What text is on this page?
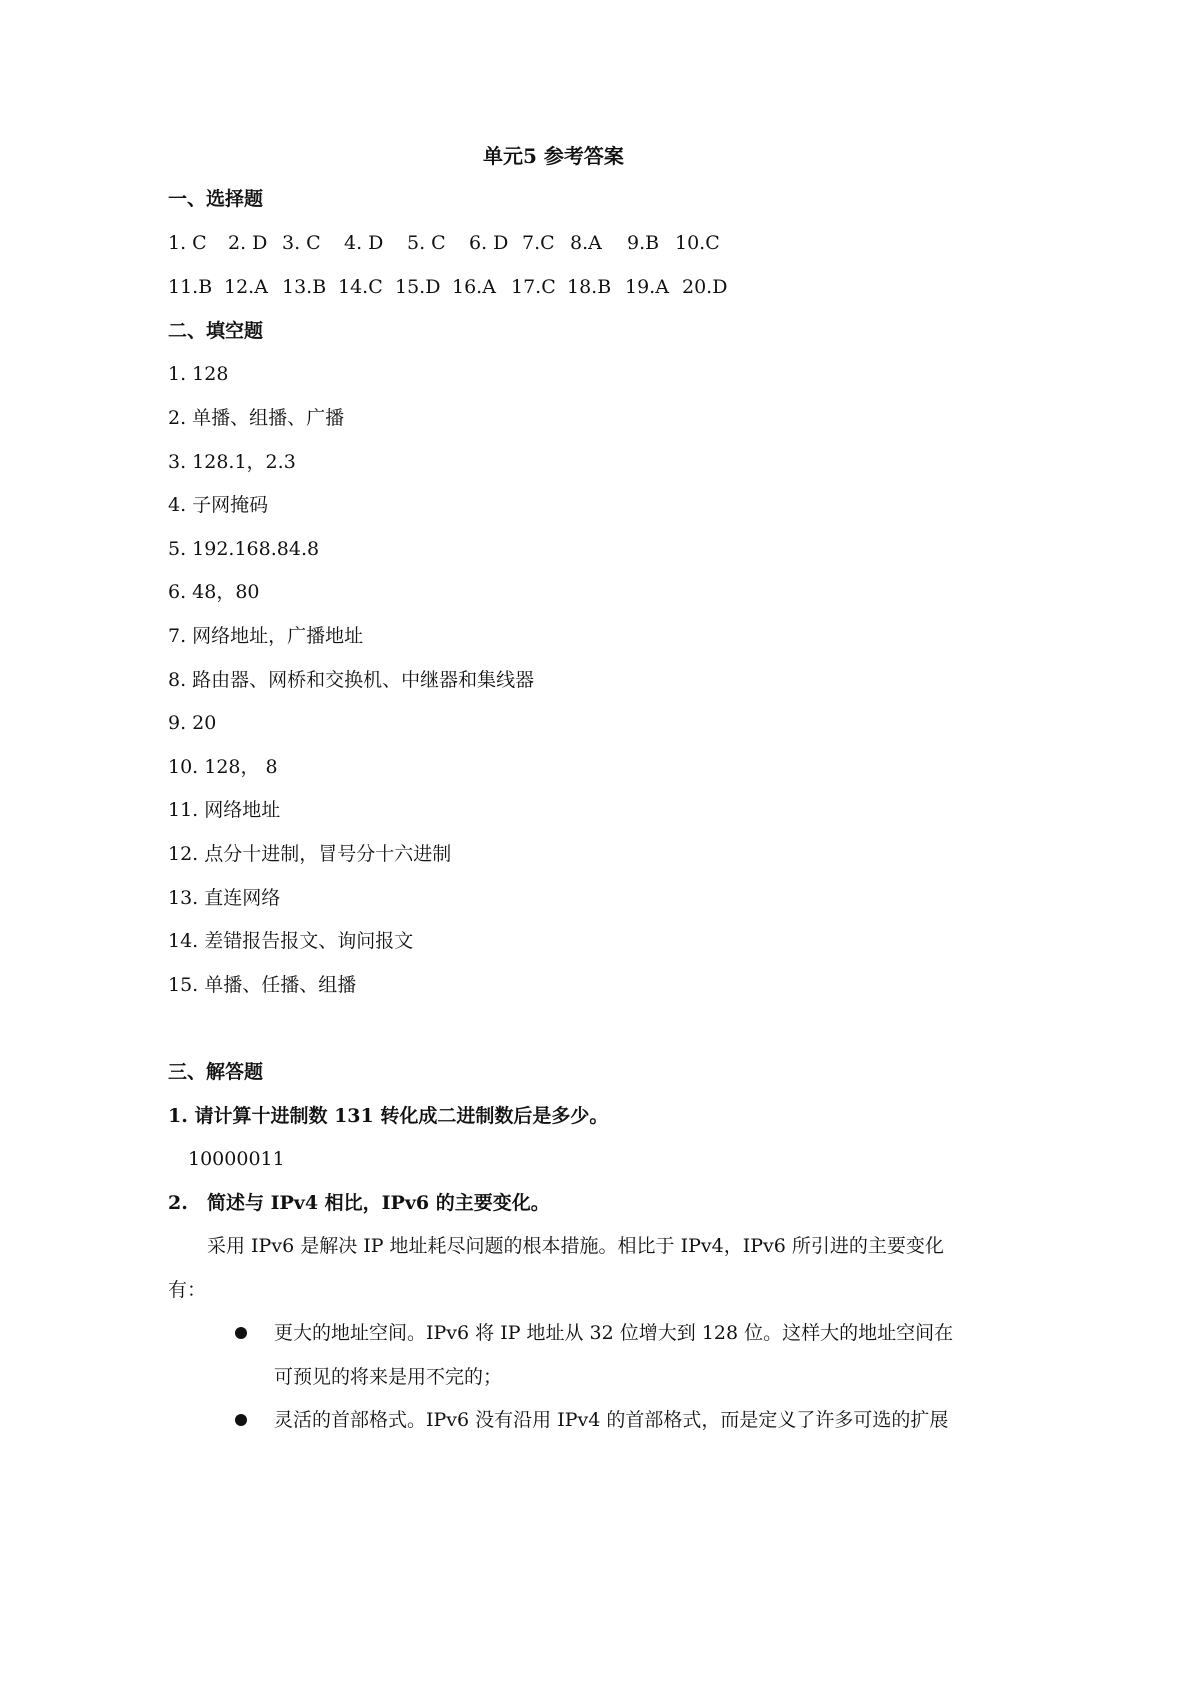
单元5 参考答案
一、选择题
1. C 2. D 3. C 4. D 5. C 6. D 7.C 8.A 9.B 10.C
11.B 12.A 13.B 14.C 15.D 16.A 17.C 18.B 19.A 20.D
二、填空题
1. 128
2. 单播、组播、广播
3. 128.1，2.3
4. 子网掩码
5. 192.168.84.8
6. 48，80
7. 网络地址，广播地址
8. 路由器、网桥和交换机、中继器和集线器
9. 20
10. 128， 8
11. 网络地址
12. 点分十进制，冒号分十六进制
13. 直连网络
14. 差错报告报文、询问报文
15. 单播、任播、组播
三、解答题
1. 请计算十进制数 131 转化成二进制数后是多少。
10000011
2. 简述与 IPv4 相比，IPv6 的主要变化。
采用 IPv6 是解决 IP 地址耗尽问题的根本措施。相比于 IPv4，IPv6 所引进的主要变化
有：
更大的地址空间。IPv6 将 IP 地址从 32 位增大到 128 位。这样大的地址空间在
可预见的将来是用不完的；
灵活的首部格式。IPv6 没有沿用 IPv4 的首部格式，而是定义了许多可选的扩展
